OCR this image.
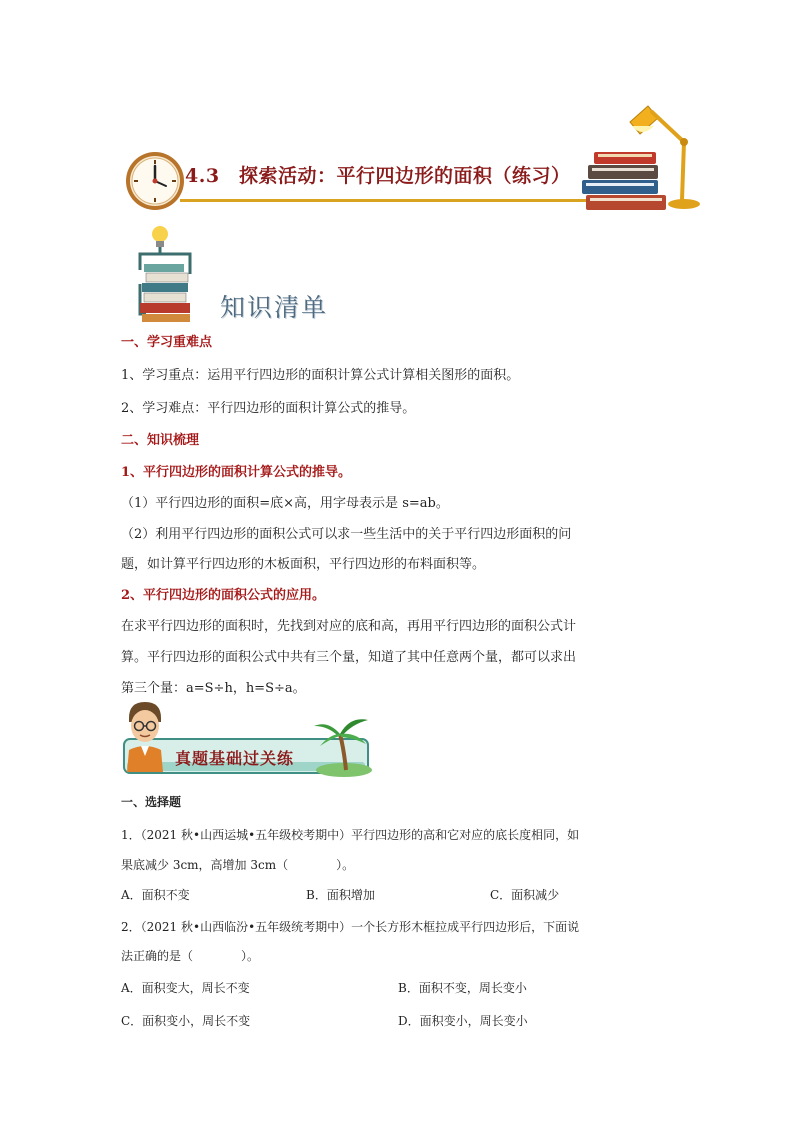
4.3　探索活动：平行四边形的面积（练习）
知识清单
一、学习重难点
1、学习重点：运用平行四边形的面积计算公式计算相关图形的面积。
2、学习难点：平行四边形的面积计算公式的推导。
二、知识梳理
1、平行四边形的面积计算公式的推导。
（1）平行四边形的面积=底×高，用字母表示是 s=ab。
（2）利用平行四边形的面积公式可以求一些生活中的关于平行四边形面积的问
题，如计算平行四边形的木板面积，平行四边形的布料面积等。
2、平行四边形的面积公式的应用。
在求平行四边形的面积时，先找到对应的底和高，再用平行四边形的面积公式计
算。平行四边形的面积公式中共有三个量，知道了其中任意两个量，都可以求出
第三个量：a=S÷h，h=S÷a。
真题基础过关练
一、选择题
1．（2021 秋•山西运城•五年级校考期中）平行四边形的高和它对应的底长度相同，如
果底减少 3cm，高增加 3cm（　　　　）。
A．面积不变	B．面积增加	C．面积减少
2．（2021 秋•山西临汾•五年级统考期中）一个长方形木框拉成平行四边形后，下面说
法正确的是（　　　　）。
A．面积变大，周长不变	B．面积不变，周长变小
C．面积变小，周长不变	D．面积变小，周长变小
